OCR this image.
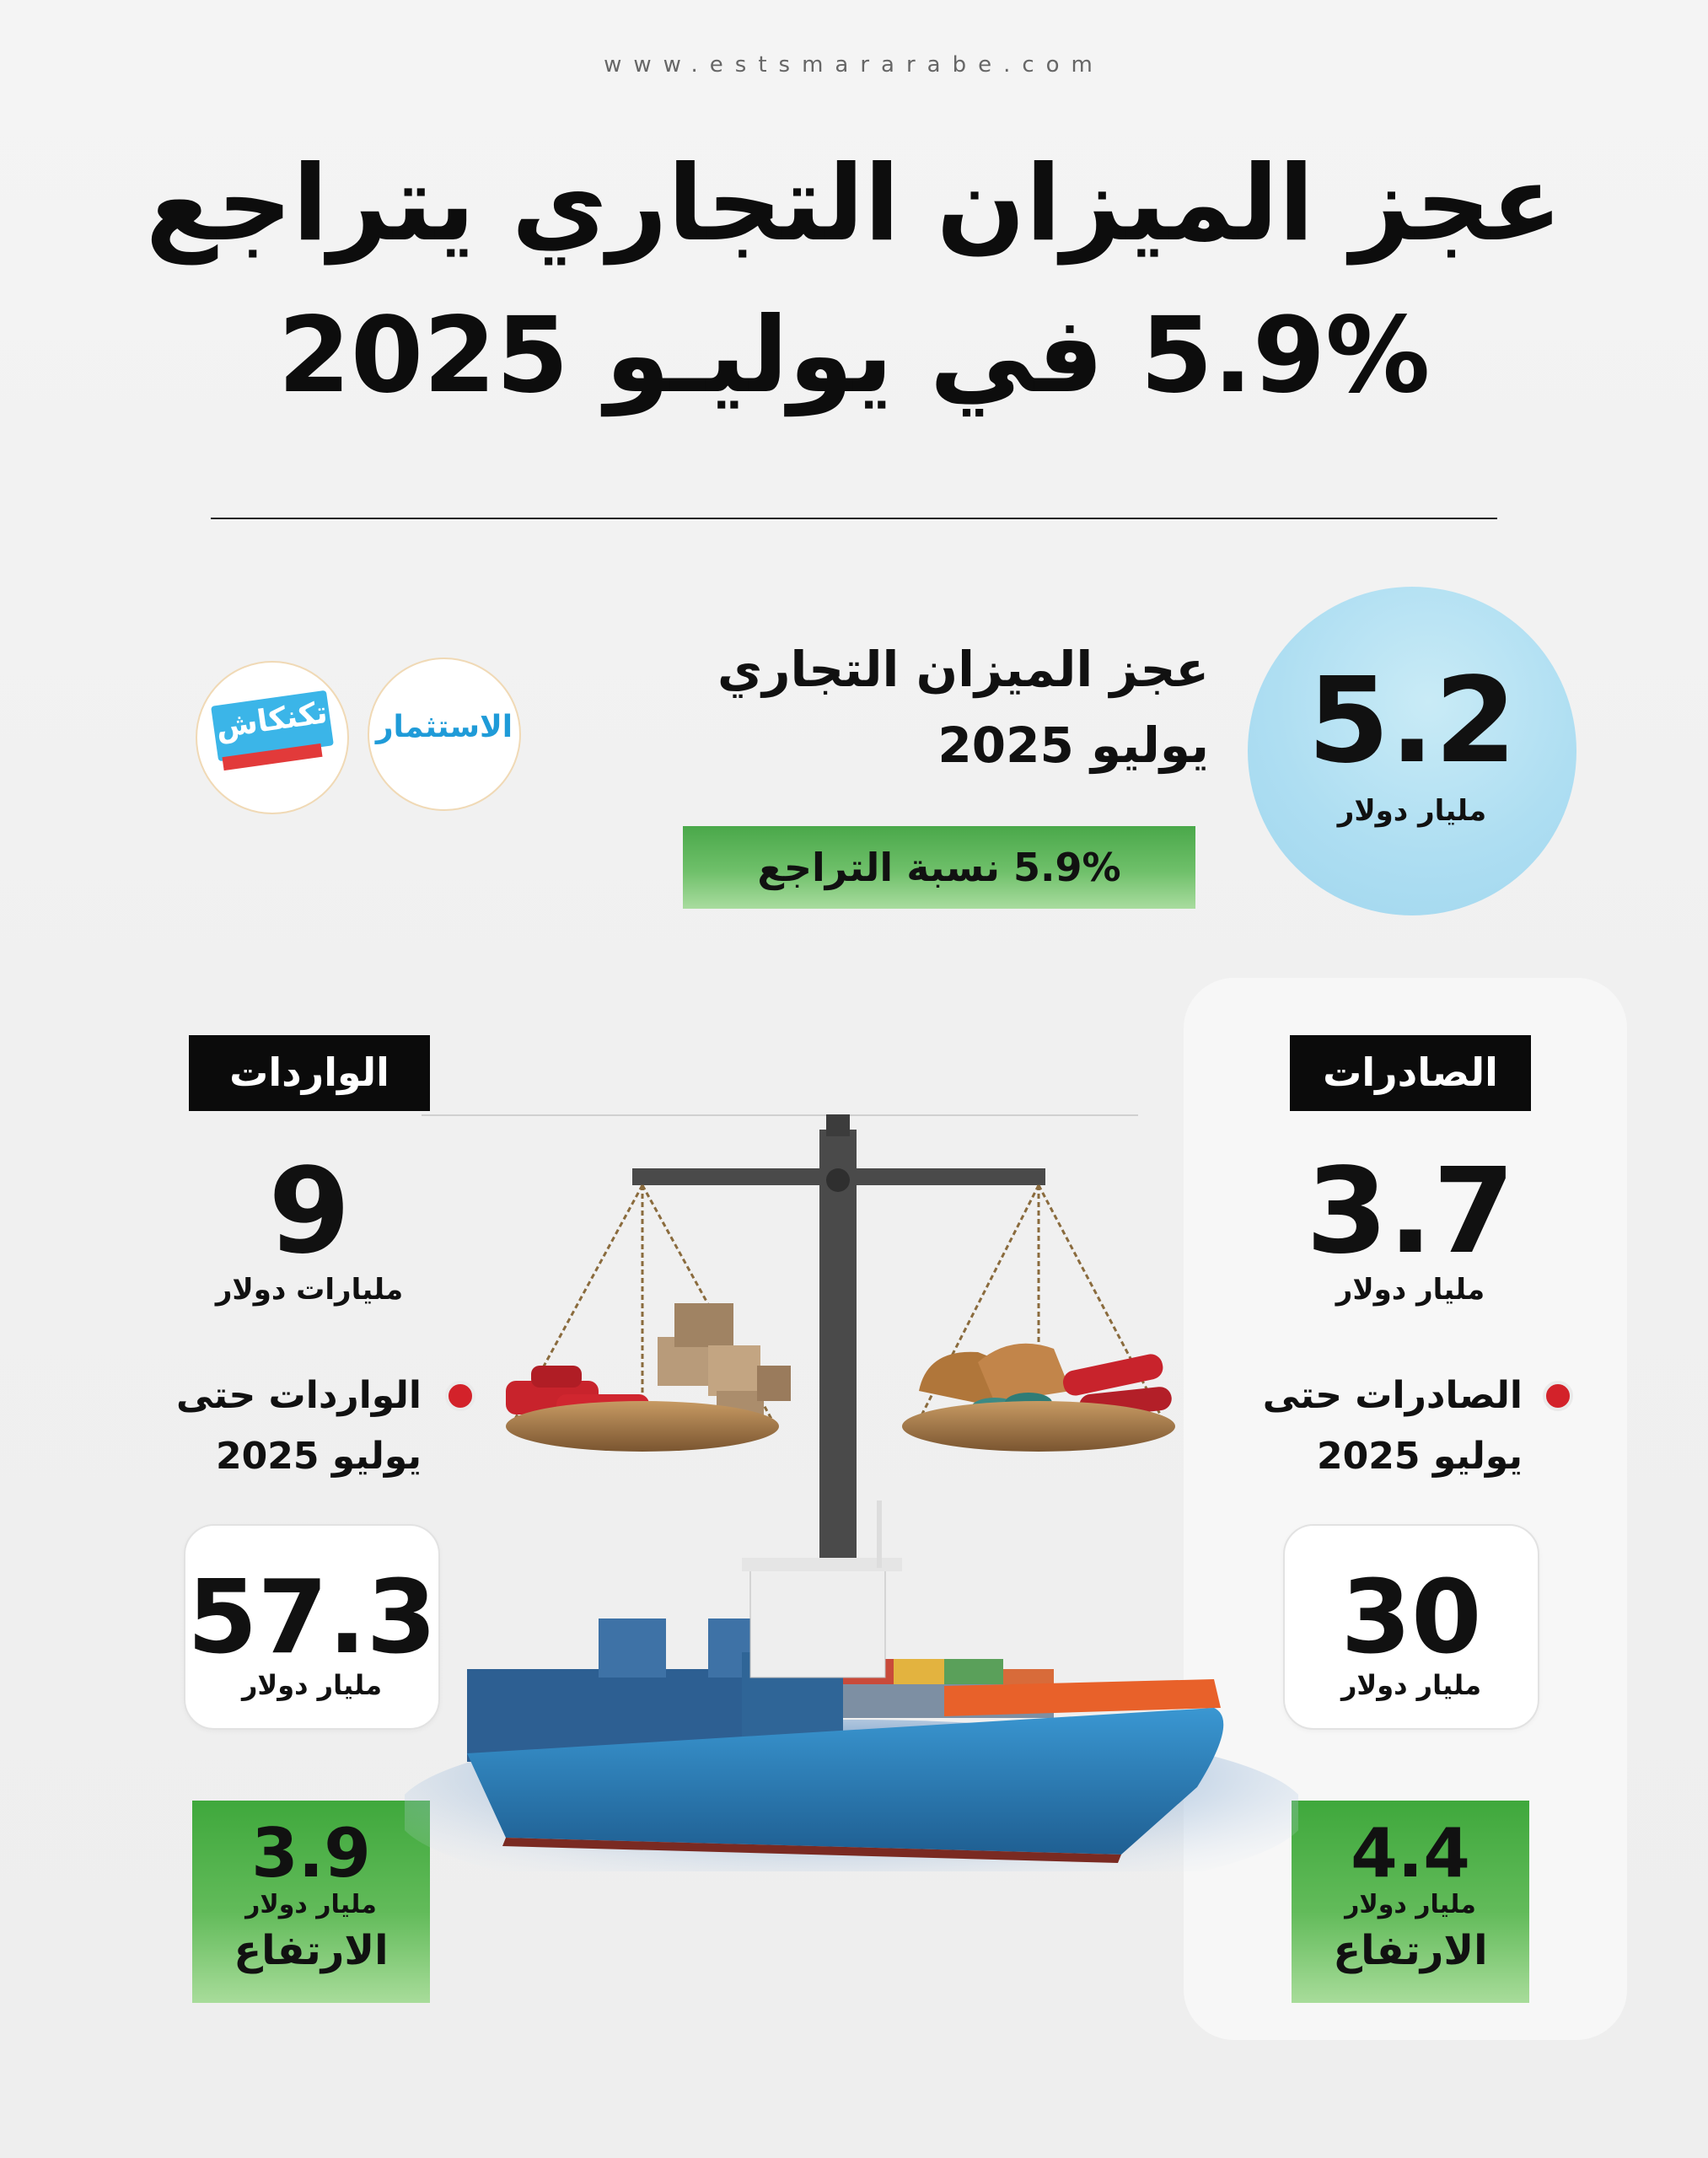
www.estsmararabe.com
عجز الميزان التجاري يتراجع
5.9% في يوليـو 2025
5.2
مليار دولار
عجز الميزان التجاري
يوليو 2025
5.9% نسبة التراجع
الاستثمار
تكنكاش
الصادرات
الواردات
3.7
مليار دولار
9
مليارات دولار
الصادرات حتى
يوليو 2025
الواردات حتى
يوليو 2025
30
مليار دولار
57.3
مليار دولار
4.4
مليار دولار
الارتفاع
3.9
مليار دولار
الارتفاع
